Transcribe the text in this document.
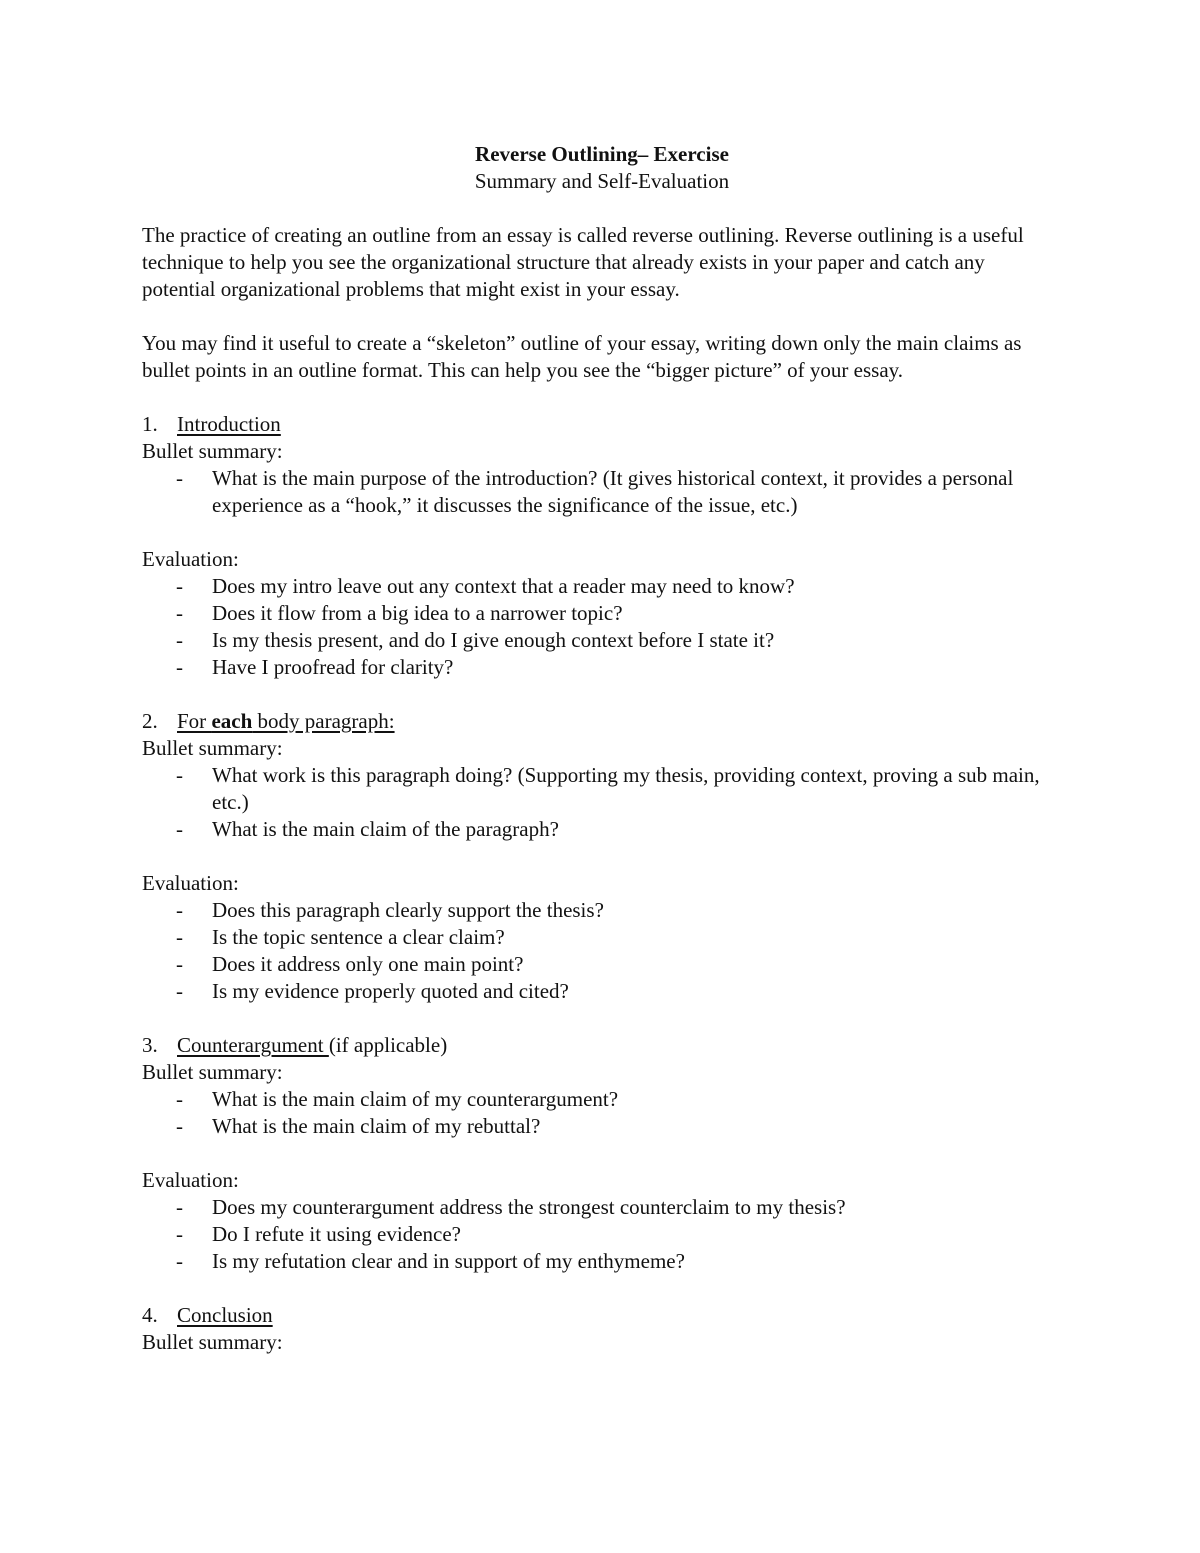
Reverse Outlining– Exercise

Summary and Self-Evaluation

The practice of creating an outline from an essay is called reverse outlining. Reverse outlining is a useful technique to help you see the organizational structure that already exists in your paper and catch any potential organizational problems that might exist in your essay.

You may find it useful to create a “skeleton” outline of your essay, writing down only the main claims as bullet points in an outline format. This can help you see the “bigger picture” of your essay.

1. Introduction

Bullet summary:

- What is the main purpose of the introduction? (It gives historical context, it provides a personal experience as a “hook,” it discusses the significance of the issue, etc.)

Evaluation:

- Does my intro leave out any context that a reader may need to know?
- Does it flow from a big idea to a narrower topic?
- Is my thesis present, and do I give enough context before I state it?
- Have I proofread for clarity?
2. For each body paragraph:

Bullet summary:

- What work is this paragraph doing? (Supporting my thesis, providing context, proving a sub main, etc.)
- What is the main claim of the paragraph?

Evaluation:

- Does this paragraph clearly support the thesis?
- Is the topic sentence a clear claim?
- Does it address only one main point?
- Is my evidence properly quoted and cited?
3. Counterargument (if applicable)

Bullet summary:

- What is the main claim of my counterargument?
- What is the main claim of my rebuttal?

Evaluation:

- Does my counterargument address the strongest counterclaim to my thesis?
- Do I refute it using evidence?
- Is my refutation clear and in support of my enthymeme?
4. Conclusion

Bullet summary:
